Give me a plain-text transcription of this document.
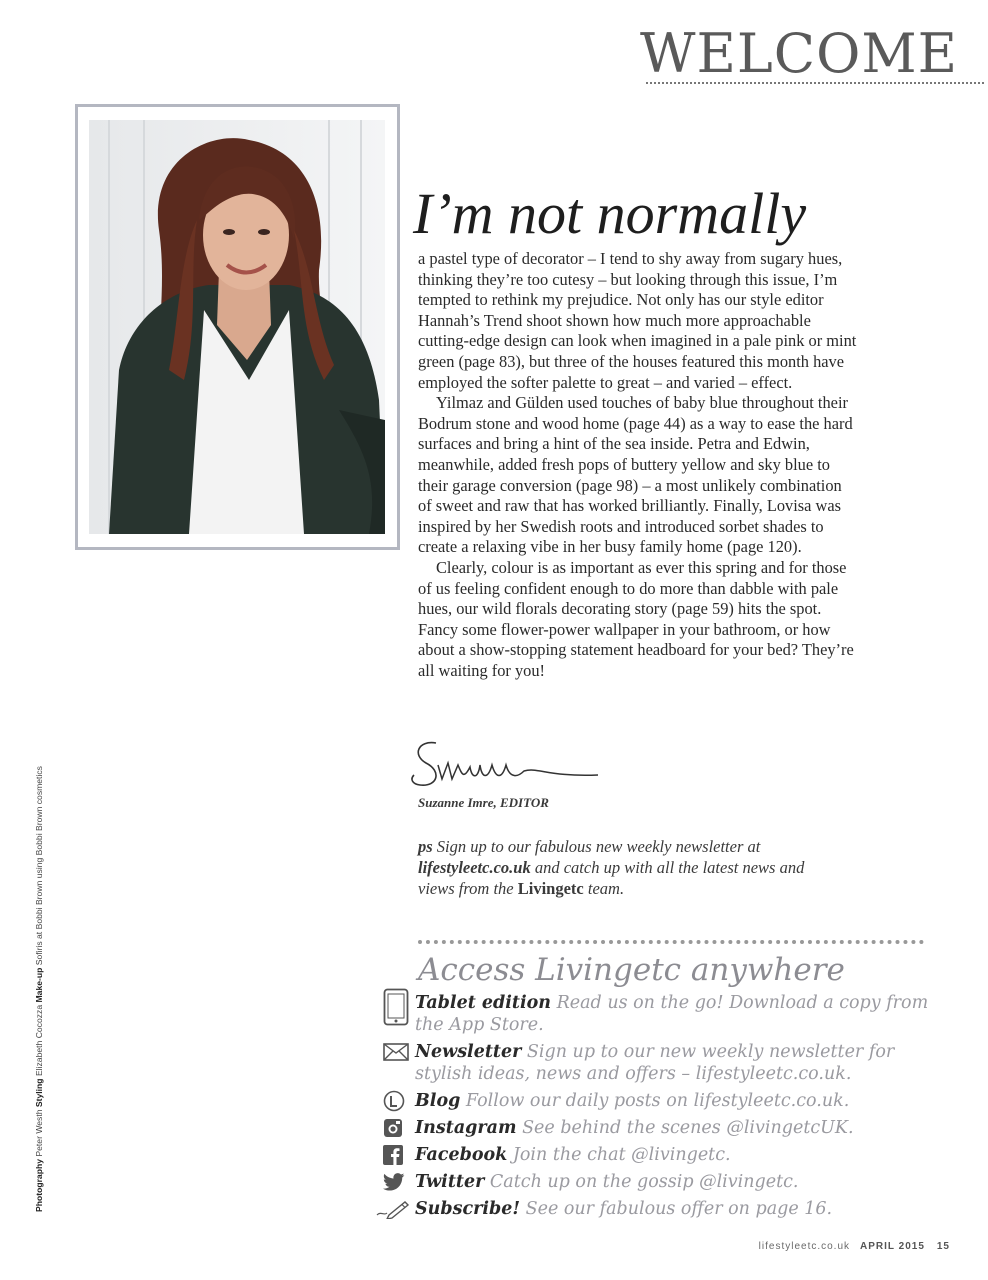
WELCOME
I’m not normally

a pastel type of decorator – I tend to shy away from sugary hues, thinking they’re too cutesy – but looking through this issue, I’m tempted to rethink my prejudice. Not only has our style editor Hannah’s Trend shoot shown how much more approachable cutting-edge design can look when imagined in a pale pink or mint green (page 83), but three of the houses featured this month have employed the softer palette to great – and varied – effect.

Yilmaz and Gülden used touches of baby blue throughout their Bodrum stone and wood home (page 44) as a way to ease the hard surfaces and bring a hint of the sea inside. Petra and Edwin, meanwhile, added fresh pops of buttery yellow and sky blue to their garage conversion (page 98) – a most unlikely combination of sweet and raw that has worked brilliantly. Finally, Lovisa was inspired by her Swedish roots and introduced sorbet shades to create a relaxing vibe in her busy family home (page 120).

Clearly, colour is as important as ever this spring and for those of us feeling confident enough to do more than dabble with pale hues, our wild florals decorating story (page 59) hits the spot. Fancy some flower-power wallpaper in your bathroom, or how about a show-stopping statement headboard for your bed? They’re all waiting for you!

Suzanne Imre, EDITOR
ps Sign up to our fabulous new weekly newsletter at lifestyleetc.co.uk and catch up with all the latest news and views from the Livingetc team.
Access Livingetc anywhere
Tablet edition Read us on the go! Download a copy from the App Store.
Newsletter Sign up to our new weekly newsletter for stylish ideas, news and offers – lifestyleetc.co.uk.
Blog Follow our daily posts on lifestyleetc.co.uk.
Instagram See behind the scenes @livingetcUK.
Facebook Join the chat @livingetc.
Twitter Catch up on the gossip @livingetc.
Subscribe! See our fabulous offer on page 16.
Photography Peter Westh Styling Elizabeth Cocozza Make-up Sofiris at Bobbi Brown using Bobbi Brown cosmetics
lifestyleetc.co.uk APRIL 2015 15
